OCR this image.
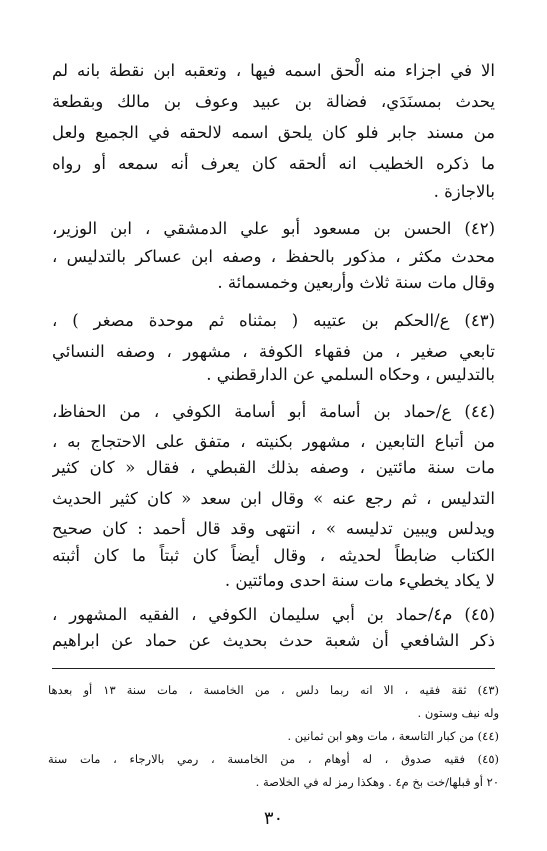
الا في اجزاء منه الْحق اسمه فيها ، وتعقبه ابن نقطة بانه لم
يحدث بمسنَدَي، فضالة بن عبيد وعوف بن مالك وبقطعة
من مسند جابر فلو كان يلحق اسمه لالحقه في الجميع ولعل
ما ذكره الخطيب انه ألحقه كان يعرف أنه سمعه أو رواه
بالاجازة .
(٤٢) الحسن بن مسعود أبو علي الدمشقي ، ابن الوزير،
محدث مكثر ، مذكور بالحفظ ، وصفه ابن عساكر بالتدليس ،
وقال مات سنة ثلاث وأربعين وخمسمائة .
(٤٣) ع/الحكم بن عتيبه ( بمثناه ثم موحدة مصغر ) ،
تابعي صغير ، من فقهاء الكوفة ، مشهور ، وصفه النسائي
بالتدليس ، وحكاه السلمي عن الدارقطني .
(٤٤) ع/حماد بن أسامة أبو أسامة الكوفي ، من الحفاظ،
من أتباع التابعين ، مشهور بكنيته ، متفق على الاحتجاج به ،
مات سنة مائتين ، وصفه بذلك القبطي ، فقال « كان كثير
التدليس ، ثم رجع عنه » وقال ابن سعد « كان كثير الحديث
ويدلس ويبين تدليسه » ، انتهى وقد قال أحمد : كان صحيح
الكتاب ضابطاً لحديثه ، وقال أيضاً كان ثبتاً ما كان أثبته
لا يكاد يخطيء مات سنة احدى ومائتين .
(٤٥) م٤/حماد بن أبي سليمان الكوفي ، الفقيه المشهور ،
ذكر الشافعي أن شعبة حدث بحديث عن حماد عن ابراهيم
(٤٣) ثقة فقيه ، الا انه ربما دلس ، من الخامسة ، مات سنة ١٣ أو بعدها
وله نيف وستون .
(٤٤) من كبار التاسعة ، مات وهو ابن ثمانين .
(٤٥) فقيه صدوق ، له أوهام ، من الخامسة ، رمي بالارجاء ، مات سنة
٢٠ أو قبلها/خت بخ م٤ . وهكذا رمز له في الخلاصة .
٣٠
